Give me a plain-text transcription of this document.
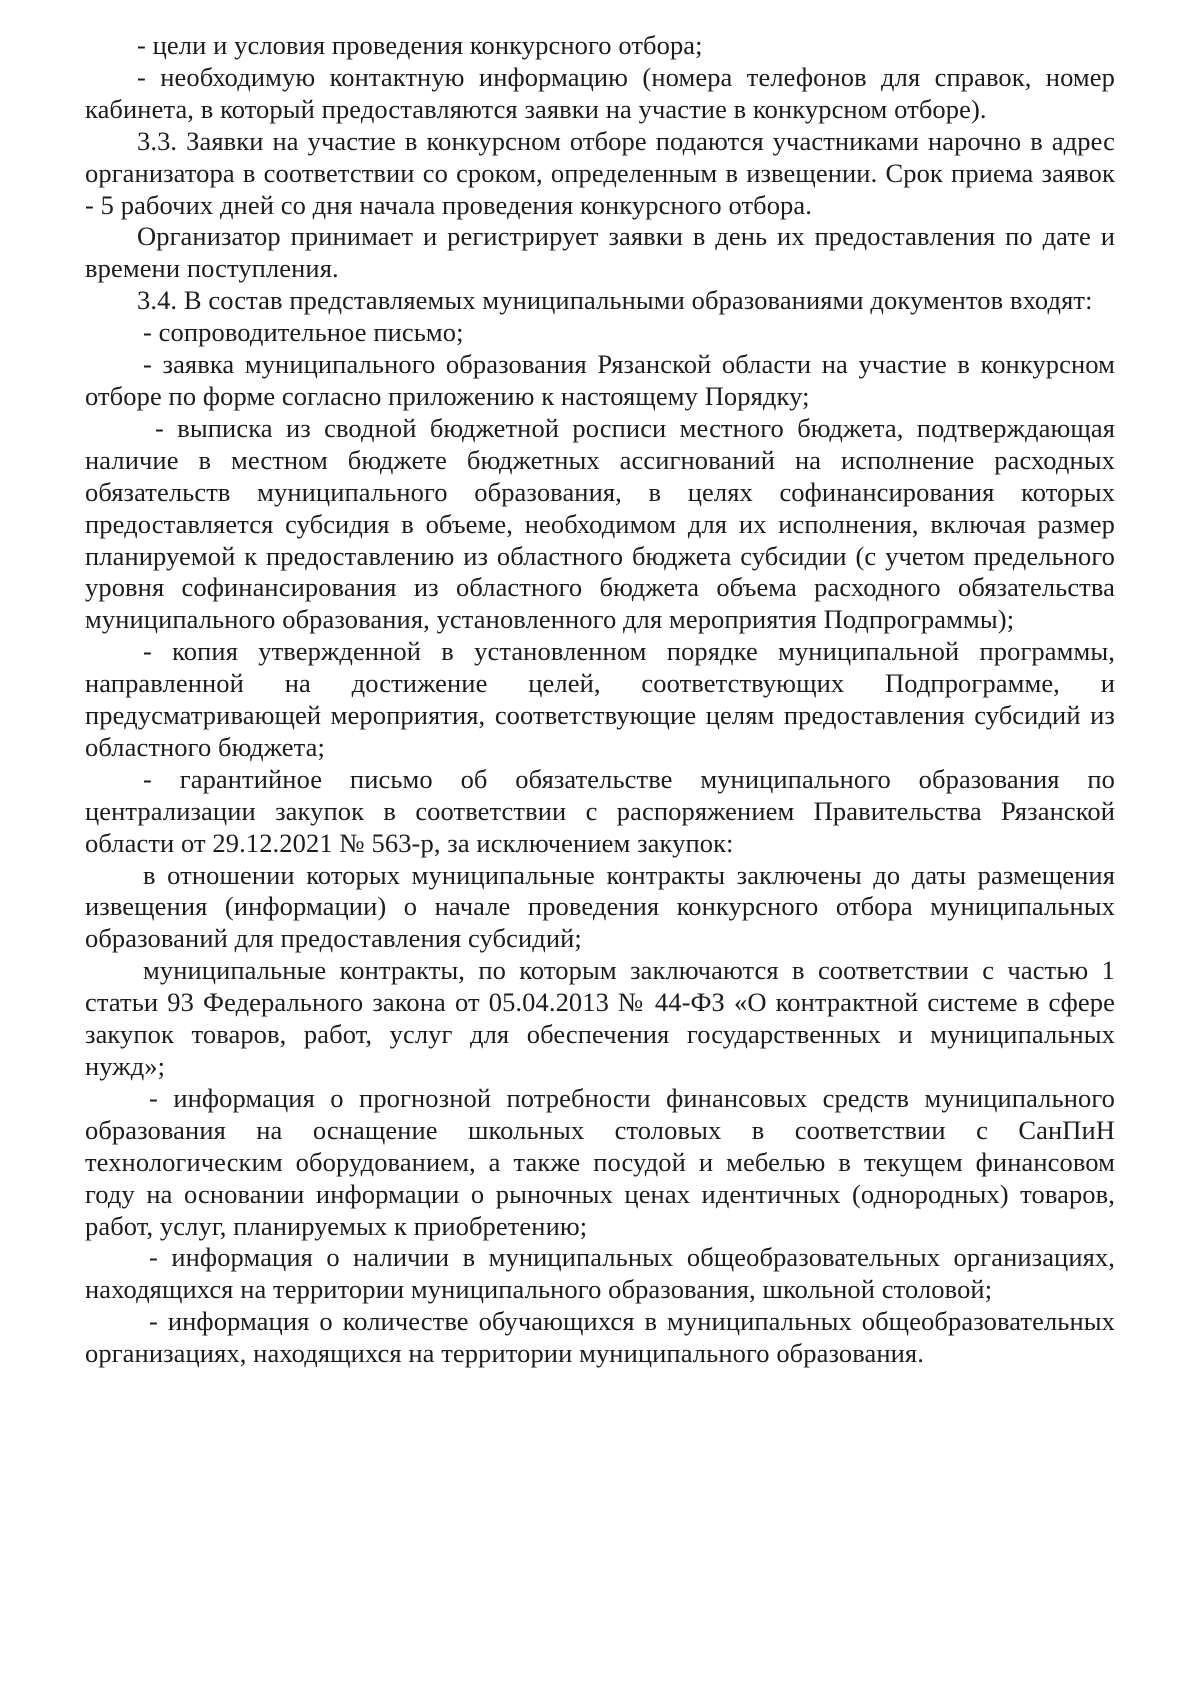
- цели и условия проведения конкурсного отбора;

- необходимую контактную информацию (номера телефонов для справок, номер кабинета, в который предоставляются заявки на участие в конкурсном отборе).

3.3. Заявки на участие в конкурсном отборе подаются участниками нарочно в адрес организатора в соответствии со сроком, определенным в извещении. Срок приема заявок - 5 рабочих дней со дня начала проведения конкурсного отбора.

Организатор принимает и регистрирует заявки в день их предоставления по дате и времени поступления.

3.4. В состав представляемых муниципальными образованиями документов входят:

- сопроводительное письмо;

- заявка муниципального образования Рязанской области на участие в конкурсном отборе по форме согласно приложению к настоящему Порядку;

- выписка из сводной бюджетной росписи местного бюджета, подтверждающая наличие в местном бюджете бюджетных ассигнований на исполнение расходных обязательств муниципального образования, в целях софинансирования которых предоставляется субсидия в объеме, необходимом для их исполнения, включая размер планируемой к предоставлению из областного бюджета субсидии (с учетом предельного уровня софинансирования из областного бюджета объема расходного обязательства муниципального образования, установленного для мероприятия Подпрограммы);

- копия утвержденной в установленном порядке муниципальной программы, направленной на достижение целей, соответствующих Подпрограмме, и предусматривающей мероприятия, соответствующие целям предоставления субсидий из областного бюджета;

- гарантийное письмо об обязательстве муниципального образования по централизации закупок в соответствии с распоряжением Правительства Рязанской области от 29.12.2021 № 563-р, за исключением закупок:

в отношении которых муниципальные контракты заключены до даты размещения извещения (информации) о начале проведения конкурсного отбора муниципальных образований для предоставления субсидий;

муниципальные контракты, по которым заключаются в соответствии с частью 1 статьи 93 Федерального закона от 05.04.2013 № 44-ФЗ «О контрактной системе в сфере закупок товаров, работ, услуг для обеспечения государственных и муниципальных нужд»;

- информация о прогнозной потребности финансовых средств муниципального образования на оснащение школьных столовых в соответствии с СанПиН технологическим оборудованием, а также посудой и мебелью в текущем финансовом году на основании информации о рыночных ценах идентичных (однородных) товаров, работ, услуг, планируемых к приобретению;

- информация о наличии в муниципальных общеобразовательных организациях, находящихся на территории муниципального образования, школьной столовой;

- информация о количестве обучающихся в муниципальных общеобразовательных организациях, находящихся на территории муниципального образования.
